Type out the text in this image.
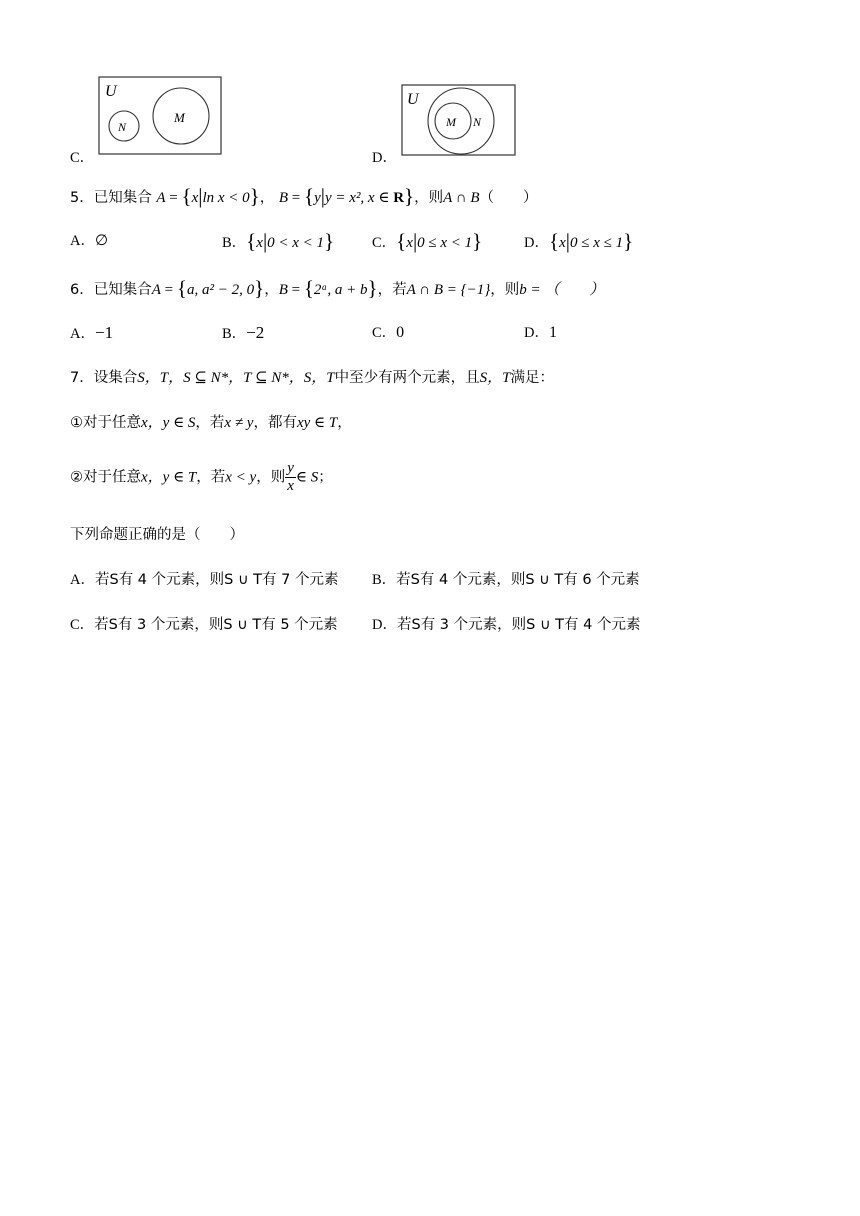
C．
U
N
M
D．
U
M N
5．已知集合 A = {x|ln x < 0}， B = {y|y = x², x ∈ R}，则A ∩ B（　　）
A．∅	B．{x|0 < x < 1}	C．{x|0 ≤ x < 1}	D．{x|0 ≤ x ≤ 1}
6．已知集合A = {a, a² − 2, 0}，B = {2ᵃ, a + b}，若A ∩ B = {−1}，则b = （　　）
A．−1	B．−2	C．0	D．1
7．设集合S，T，S ⊆ N*，T ⊆ N*，S，T中至少有两个元素，且S，T满足：
①对于任意x，y ∈ S，若x ≠ y，都有xy ∈ T，
②对于任意x，y ∈ T，若x < y，则 $\frac{y}{x}$ ∈ S；
下列命题正确的是（　　）
A．若S有 4 个元素，则S ∪ T有 7 个元素 B．若S有 4 个元素，则S ∪ T有 6 个元素
C．若S有 3 个元素，则S ∪ T有 5 个元素 D．若S有 3 个元素，则S ∪ T有 4 个元素
